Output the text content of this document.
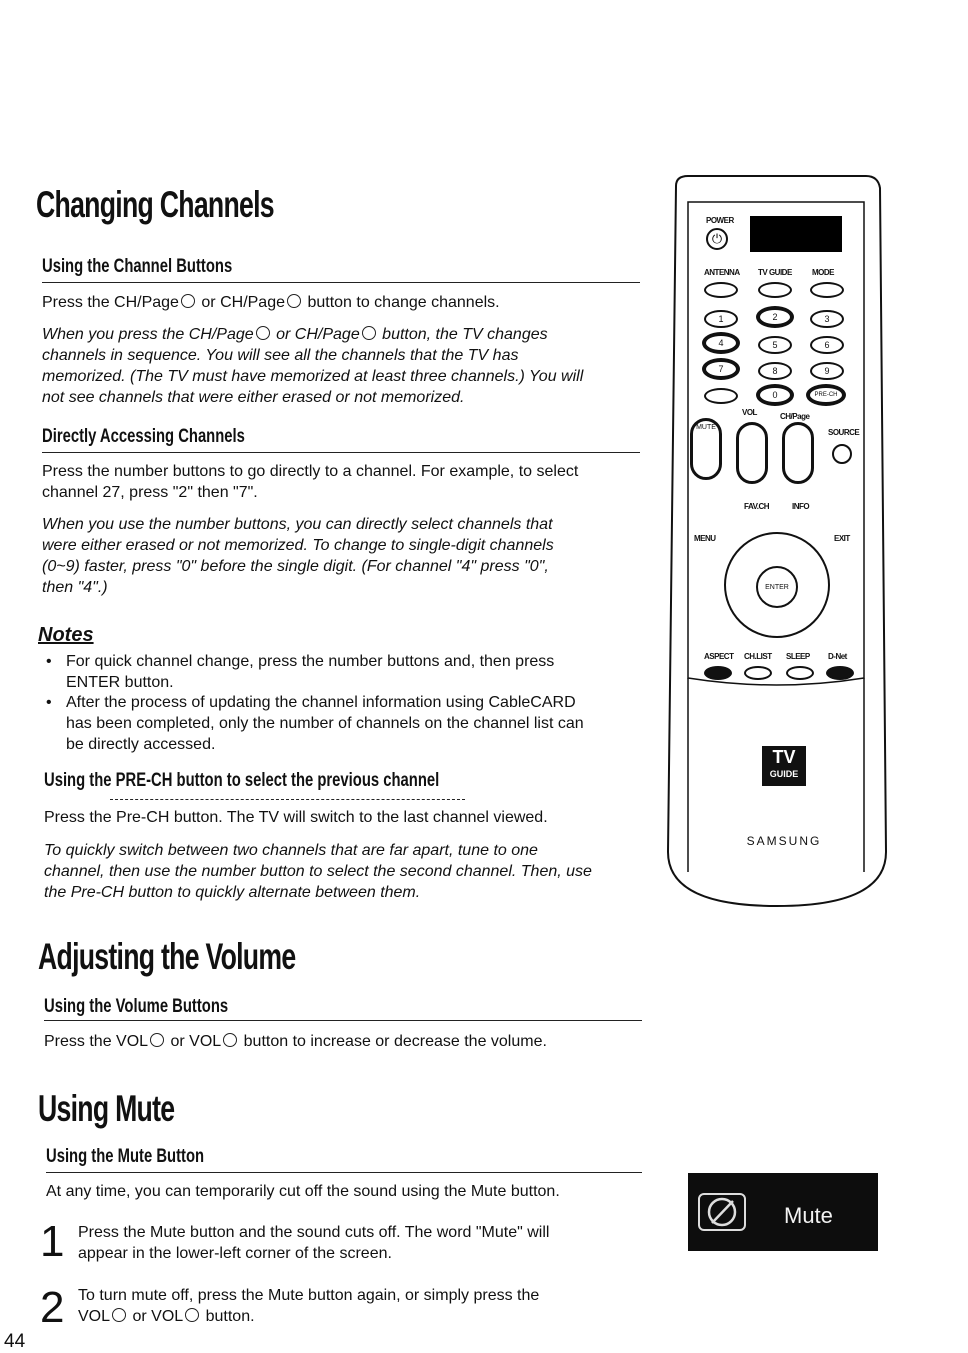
Changing Channels
Using the Channel Buttons
Press the CH/Page or CH/Page button to change channels.
When you press the CH/Page or CH/Page button, the TV changes
channels in sequence. You will see all the channels that the TV has
memorized. (The TV must have memorized at least three channels.) You will
not see channels that were either erased or not memorized.
Directly Accessing Channels
Press the number buttons to go directly to a channel. For example, to select
channel 27, press "2" then "7".
When you use the number buttons, you can directly select channels that
were either erased or not memorized. To change to single-digit channels
(0~9) faster, press "0" before the single digit. (For channel "4" press "0",
then "4".)
Notes
• For quick channel change, press the number buttons and, then press
ENTER button.
• After the process of updating the channel information using CableCARD
has been completed, only the number of channels on the channel list can
be directly accessed.
Using the PRE-CH button to select the previous channel
Press the Pre-CH button. The TV will switch to the last channel viewed.
To quickly switch between two channels that are far apart, tune to one
channel, then use the number button to select the second channel. Then, use
the Pre-CH button to quickly alternate between them.
Adjusting the Volume
Using the Volume Buttons
Press the VOL or VOL button to increase or decrease the volume.
Using Mute
Using the Mute Button
At any time, you can temporarily cut off the sound using the Mute button.
1 Press the Mute button and the sound cuts off. The word "Mute" will
appear in the lower-left corner of the screen.
2 To turn mute off, press the Mute button again, or simply press the
VOL or VOL button.
44
POWER
⏻
ANTENNA TV GUIDE	MODE
1	2	3
4	5	6
7	8	9
0	PRE-CH
VOL	CH/Page
MUTE
SOURCE
FAV.CH	INFO
MENU	EXIT
ENTER
ASPECT CH.LIST SLEEP D-Net
TV
GUIDE
SAMSUNG
Mute
